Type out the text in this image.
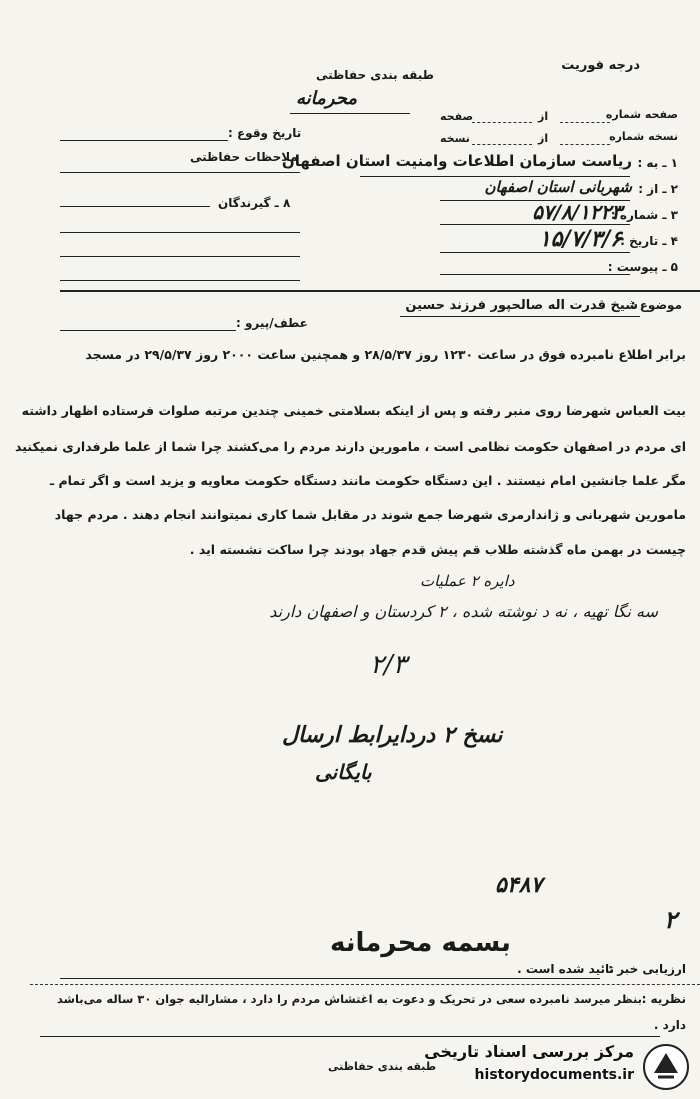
درجه فوریت
طبقه بندی حفاظتی
محرمانه
صفحه شماره
از
صفحه
نسخه شماره
از
نسخه
تاریخ وقوع :
ملاحظات حفاظتی
۸ ـ گیرندگان
۱ ـ به :
ریاست سازمان اطلاعات وامنیت استان اصفهان
۲ ـ از :
شهربانی استان اصفهان
۳ ـ شماره :
۵۷/۸/۱۲۲۳
۴ ـ تاریخ :
۱۵/۷/۳/۶
۵ ـ پیوست :
موضوع :
شیخ قدرت اله صالحپور فرزند حسین
عطف/پیرو :
برابر اطلاع نامبرده فوق در ساعت ۱۲۳۰ روز ۲۸/۵/۳۷ و همچنین ساعت ۲۰۰۰ روز ۲۹/۵/۳۷ در مسجد
بیت العباس شهرضا روی منبر رفته و پس از اینکه بسلامتی خمینی چندین مرتبه صلوات فرستاده اظهار داشته
ای مردم در اصفهان حکومت نظامی است ، مامورین دارند مردم را می‌کشند چرا شما از علما طرفداری نمیکنید
مگر علما جانشین امام نیستند . این دستگاه حکومت مانند دستگاه حکومت معاویه و یزید است و اگر تمام ـ
مامورین شهربانی و ژاندارمری شهرضا جمع شوند در مقابل شما کاری نمیتوانند انجام دهند . مردم جهاد
چیست در بهمن ماه گذشته طلاب قم پیش قدم جهاد بودند چرا ساکت نشسته اید .
دایره ۲ عملیات
سه نگا تهیه ، نه د نوشته شده ، ۲ کردستان و اصفهان دارند
۲/۳
نسخ ۲ دردایرابط ارسال
بایگانی
۵۴۸۷
۲
بسمه محرمانه
ارزیابی خبر :
تائید شده است .
نظریه :
بنظر میرسد نامبرده سعی در تحریک و دعوت به اغتشاش مردم را دارد ، مشارالیه جوان ۳۰ ساله می‌باشد
دارد .
طبقه بندی حفاظتی
مرکز بررسی اسناد تاریخی
historydocuments.ir
